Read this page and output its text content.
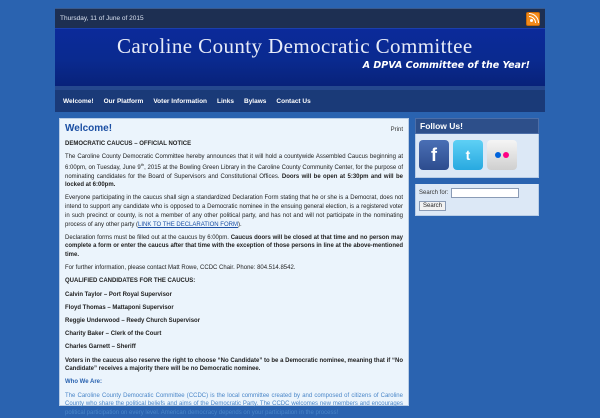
Thursday, 11 of June of 2015
Caroline County Democratic Committee
A DPVA Committee of the Year!
Welcome!	Our Platform	Voter Information	Links	Bylaws	Contact Us
Welcome!	Print

DEMOCRATIC CAUCUS – OFFICIAL NOTICE

The Caroline County Democratic Committee hereby announces that it will hold a countywide Assembled Caucus beginning at 6:00pm, on Tuesday, June 9th, 2015 at the Bowling Green Library in the Caroline County Community Center, for the purpose of nominating candidates for the Board of Supervisors and Constitutional Offices. Doors will be open at 5:30pm and will be locked at 6:00pm.

Everyone participating in the caucus shall sign a standardized Declaration Form stating that he or she is a Democrat, does not intend to support any candidate who is opposed to a Democratic nominee in the ensuing general election, is a registered voter in such precinct or county, is not a member of any other political party, and has not and will not participate in the nominating process of any other party (LINK TO THE DECLARATION FORM).

Declaration forms must be filled out at the caucus by 6:00pm. Caucus doors will be closed at that time and no person may complete a form or enter the caucus after that time with the exception of those persons in line at the above-mentioned time.

For further information, please contact Matt Rowe, CCDC Chair. Phone: 804.514.8542.

QUALIFIED CANDIDATES FOR THE CAUCUS:

Calvin Taylor – Port Royal Supervisor

Floyd Thomas – Mattaponi Supervisor

Reggie Underwood – Reedy Church Supervisor

Charity Baker – Clerk of the Court

Charles Garnett – Sheriff

Voters in the caucus also reserve the right to choose “No Candidate” to be a Democratic nominee, meaning that if “No Candidate” receives a majority there will be no Democratic nominee.

Who We Are:

The Caroline County Democratic Committee (CCDC) is the local committee created by and composed of citizens of Caroline County who share the political beliefs and aims of the Democratic Party. The CCDC welcomes new members and encourages political participation on every level. American democracy depends on your participation in the process!

Follow Us!
f t
Search for:
Search
